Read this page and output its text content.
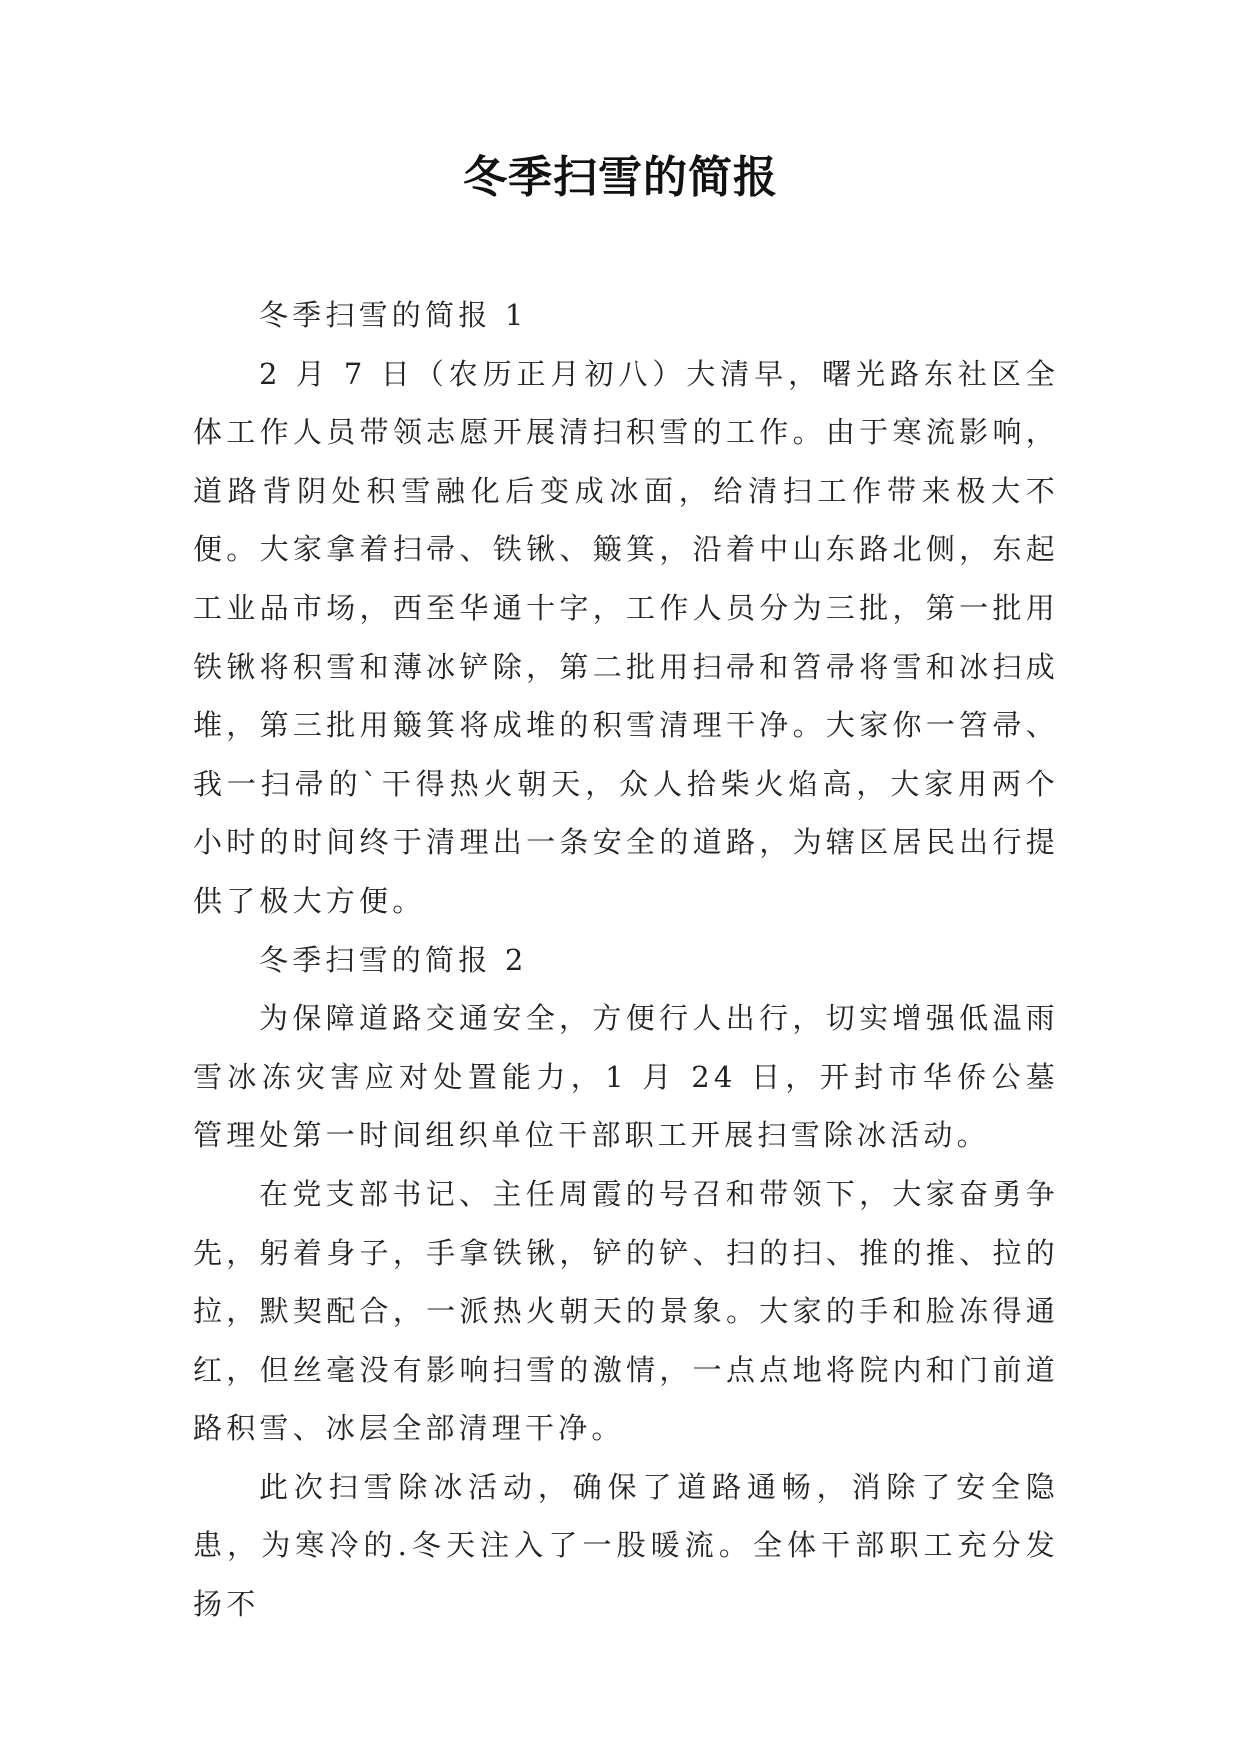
冬季扫雪的简报

冬季扫雪的简报 1

2 月 7 日（农历正月初八）大清早，曙光路东社区全体工作人员带领志愿开展清扫积雪的工作。由于寒流影响，道路背阴处积雪融化后变成冰面，给清扫工作带来极大不便。大家拿着扫帚、铁锹、簸箕，沿着中山东路北侧，东起工业品市场，西至华通十字，工作人员分为三批，第一批用铁锹将积雪和薄冰铲除，第二批用扫帚和笤帚将雪和冰扫成堆，第三批用簸箕将成堆的积雪清理干净。大家你一笤帚、我一扫帚的`干得热火朝天，众人拾柴火焰高，大家用两个小时的时间终于清理出一条安全的道路，为辖区居民出行提供了极大方便。

冬季扫雪的简报 2

为保障道路交通安全，方便行人出行，切实增强低温雨雪冰冻灾害应对处置能力，1 月 24 日，开封市华侨公墓管理处第一时间组织单位干部职工开展扫雪除冰活动。

在党支部书记、主任周霞的号召和带领下，大家奋勇争先，躬着身子，手拿铁锹，铲的铲、扫的扫、推的推、拉的拉，默契配合，一派热火朝天的景象。大家的手和脸冻得通红，但丝毫没有影响扫雪的激情，一点点地将院内和门前道路积雪、冰层全部清理干净。

此次扫雪除冰活动，确保了道路通畅，消除了安全隐患，为寒冷的.冬天注入了一股暖流。全体干部职工充分发扬不
